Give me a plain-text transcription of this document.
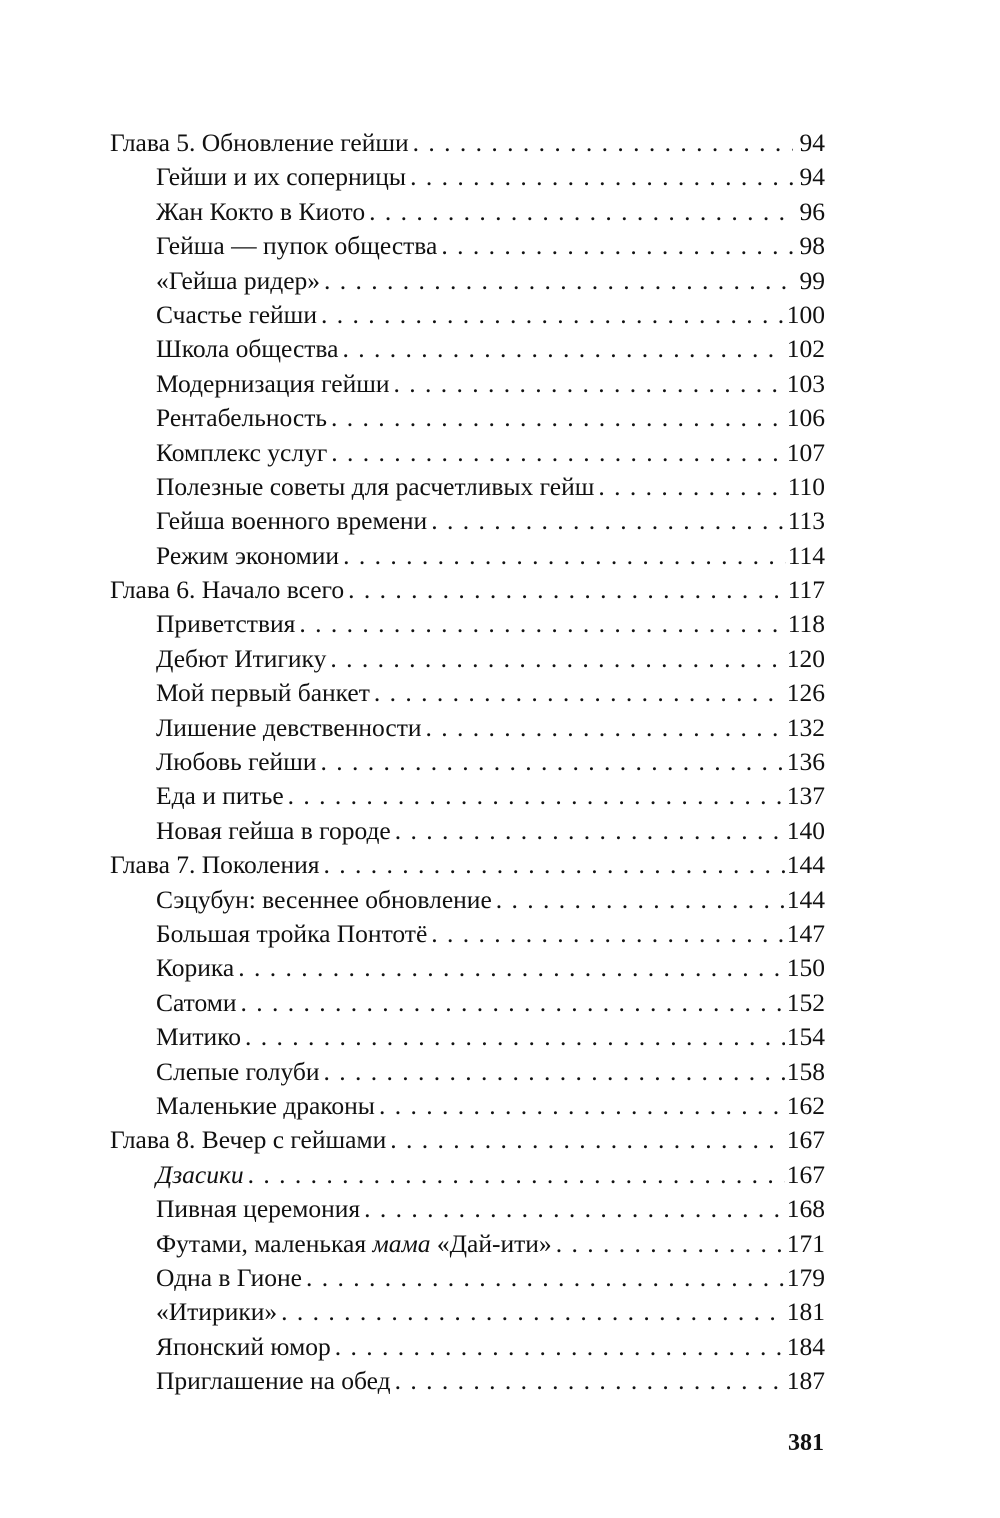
Глава 5. Обновление гейши . . .	94
Гейши и их соперницы . . .	94
Жан Кокто в Киото . . .	96
Гейша — пупок общества . . .	98
«Гейша ридер» . . .	99
Счастье гейши . . .	100
Школа общества . . .	102
Модернизация гейши . . .	103
Рентабельность . . .	106
Комплекс услуг . . .	107
Полезные советы для расчетливых гейш . . .	110
Гейша военного времени . . .	113
Режим экономии . . .	114
Глава 6. Начало всего . . .	117
Приветствия . . .	118
Дебют Итигику . . .	120
Мой первый банкет . . .	126
Лишение девственности . . .	132
Любовь гейши . . .	136
Еда и питье . . .	137
Новая гейша в городе . . .	140
Глава 7. Поколения . . .	144
Сэцубун: весеннее обновление . . .	144
Большая тройка Понтотё . . .	147
Корика . . .	150
Сатоми . . .	152
Митико . . .	154
Слепые голуби . . .	158
Маленькие драконы . . .	162
Глава 8. Вечер с гейшами . . .	167
Дзасики . . .	167
Пивная церемония . . .	168
Футами, маленькая мама «Дай-ити» . . .	171
Одна в Гионе . . .	179
«Итирики» . . .	181
Японский юмор . . .	184
Приглашение на обед . . .	187
381
